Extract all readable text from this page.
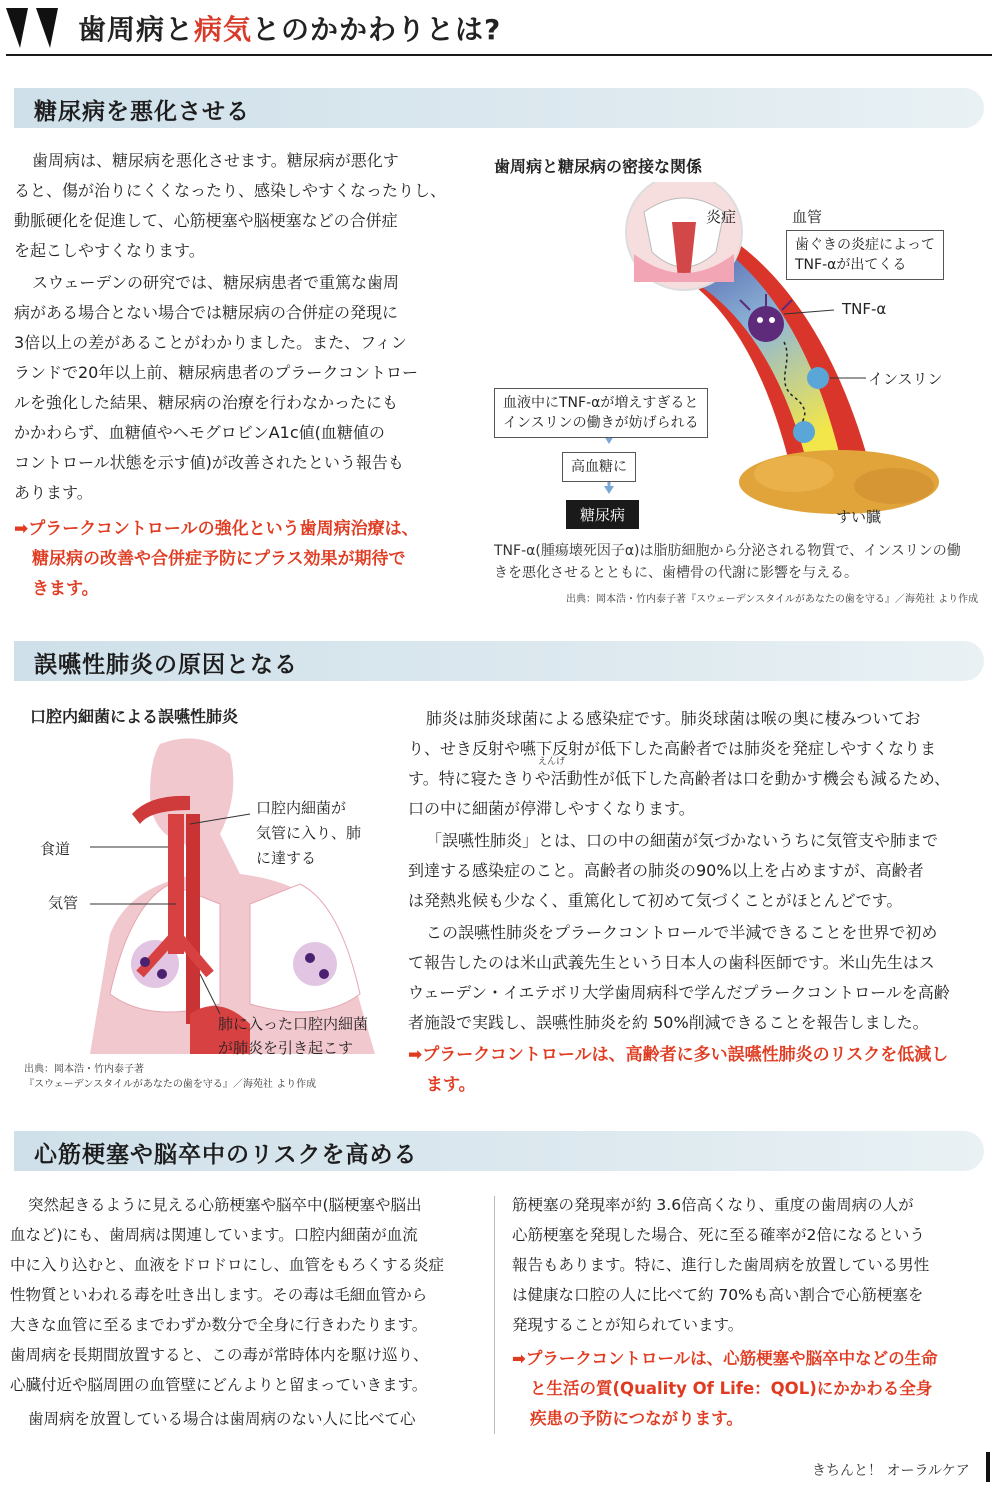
歯周病と病気とのかかわりとは?
糖尿病を悪化させる

歯周病は、糖尿病を悪化させます。糖尿病が悪化す

ると、傷が治りにくくなったり、感染しやすくなったりし、

動脈硬化を促進して、心筋梗塞や脳梗塞などの合併症

を起こしやすくなります。

スウェーデンの研究では、糖尿病患者で重篤な歯周

病がある場合とない場合では糖尿病の合併症の発現に

3倍以上の差があることがわかりました。また、フィン

ランドで20年以上前、糖尿病患者のプラークコントロー

ルを強化した結果、糖尿病の治療を行わなかったにも

かかわらず、血糖値やヘモグロビンA1c値(血糖値の

コントロール状態を示す値)が改善されたという報告も

あります。

➡プラークコントロールの強化という歯周病治療は、

糖尿病の改善や合併症予防にプラス効果が期待で

きます。

歯周病と糖尿病の密接な関係
炎症	血管
歯ぐきの炎症によって
TNF-αが出てくる
TNF-α
インスリン
血液中にTNF-αが増えすぎると
インスリンの働きが妨げられる
高血糖に
糖尿病	すい臓
TNF-α(腫瘍壊死因子α)は脂肪細胞から分泌される物質で、インスリンの働
きを悪化させるとともに、歯槽骨の代謝に影響を与える。
出典：岡本浩・竹内泰子著『スウェーデンスタイルがあなたの歯を守る』／海苑社 より作成
誤嚥性肺炎の原因となる
口腔内細菌による誤嚥性肺炎
口腔内細菌が
気管に入り、肺
に達する
食道
気管
肺に入った口腔内細菌
が肺炎を引き起こす
出典：岡本浩・竹内泰子著
『スウェーデンスタイルがあなたの歯を守る』／海苑社 より作成
えんげ

肺炎は肺炎球菌による感染症です。肺炎球菌は喉の奥に棲みついてお

り、せき反射や嚥下反射が低下した高齢者では肺炎を発症しやすくなりま

す。特に寝たきりや活動性が低下した高齢者は口を動かす機会も減るため、

口の中に細菌が停滞しやすくなります。

「誤嚥性肺炎」とは、口の中の細菌が気づかないうちに気管支や肺まで

到達する感染症のこと。高齢者の肺炎の90%以上を占めますが、高齢者

は発熱兆候も少なく、重篤化して初めて気づくことがほとんどです。

この誤嚥性肺炎をプラークコントロールで半減できることを世界で初め

て報告したのは米山武義先生という日本人の歯科医師です。米山先生はス

ウェーデン・イエテボリ大学歯周病科で学んだプラークコントロールを高齢

者施設で実践し、誤嚥性肺炎を約 50%削減できることを報告しました。

➡プラークコントロールは、高齢者に多い誤嚥性肺炎のリスクを低減し

ます。

心筋梗塞や脳卒中のリスクを高める

突然起きるように見える心筋梗塞や脳卒中(脳梗塞や脳出

血など)にも、歯周病は関連しています。口腔内細菌が血流

中に入り込むと、血液をドロドロにし、血管をもろくする炎症

性物質といわれる毒を吐き出します。その毒は毛細血管から

大きな血管に至るまでわずか数分で全身に行きわたります。

歯周病を長期間放置すると、この毒が常時体内を駆け巡り、

心臓付近や脳周囲の血管壁にどんよりと留まっていきます。

歯周病を放置している場合は歯周病のない人に比べて心

筋梗塞の発現率が約 3.6倍高くなり、重度の歯周病の人が

心筋梗塞を発現した場合、死に至る確率が2倍になるという

報告もあります。特に、進行した歯周病を放置している男性

は健康な口腔の人に比べて約 70%も高い割合で心筋梗塞を

発現することが知られています。

➡プラークコントロールは、心筋梗塞や脳卒中などの生命

と生活の質(Quality Of Life：QOL)にかかわる全身

疾患の予防につながります。

きちんと！ オーラルケア
